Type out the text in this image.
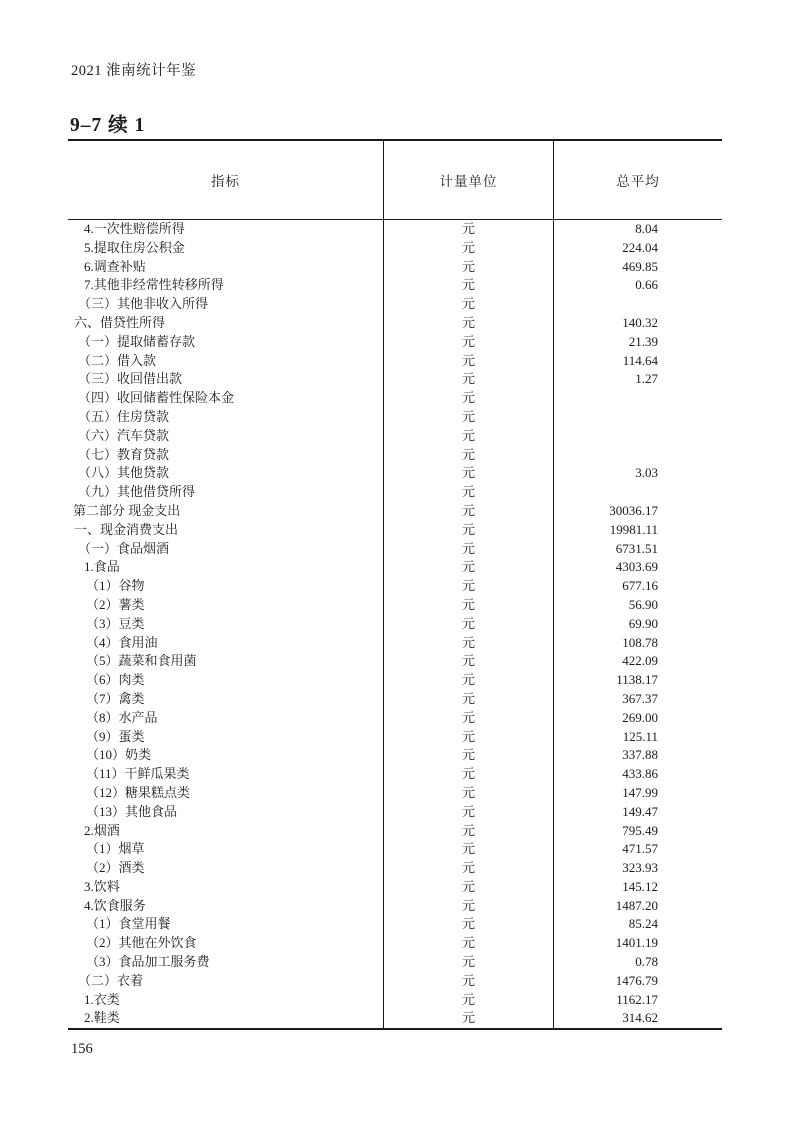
2021 淮南统计年鉴
9–7 续 1
指标	计量单位	总平均
4.一次性赔偿所得	元	8.04
5.提取住房公积金	元	224.04
6.调查补贴	元	469.85
7.其他非经常性转移所得	元	0.66
（三）其他非收入所得	元
六、借贷性所得	元	140.32
（一）提取储蓄存款	元	21.39
（二）借入款	元	114.64
（三）收回借出款	元	1.27
（四）收回储蓄性保险本金	元
（五）住房贷款	元
（六）汽车贷款	元
（七）教育贷款	元
（八）其他贷款	元	3.03
（九）其他借贷所得	元
第二部分 现金支出	元	30036.17
一、现金消费支出	元	19981.11
（一）食品烟酒	元	6731.51
1.食品	元	4303.69
（1）谷物	元	677.16
（2）薯类	元	56.90
（3）豆类	元	69.90
（4）食用油	元	108.78
（5）蔬菜和食用菌	元	422.09
（6）肉类	元	1138.17
（7）禽类	元	367.37
（8）水产品	元	269.00
（9）蛋类	元	125.11
（10）奶类	元	337.88
（11）干鲜瓜果类	元	433.86
（12）糖果糕点类	元	147.99
（13）其他食品	元	149.47
2.烟酒	元	795.49
（1）烟草	元	471.57
（2）酒类	元	323.93
3.饮料	元	145.12
4.饮食服务	元	1487.20
（1）食堂用餐	元	85.24
（2）其他在外饮食	元	1401.19
（3）食品加工服务费	元	0.78
（二）衣着	元	1476.79
1.衣类	元	1162.17
2.鞋类	元	314.62
156
